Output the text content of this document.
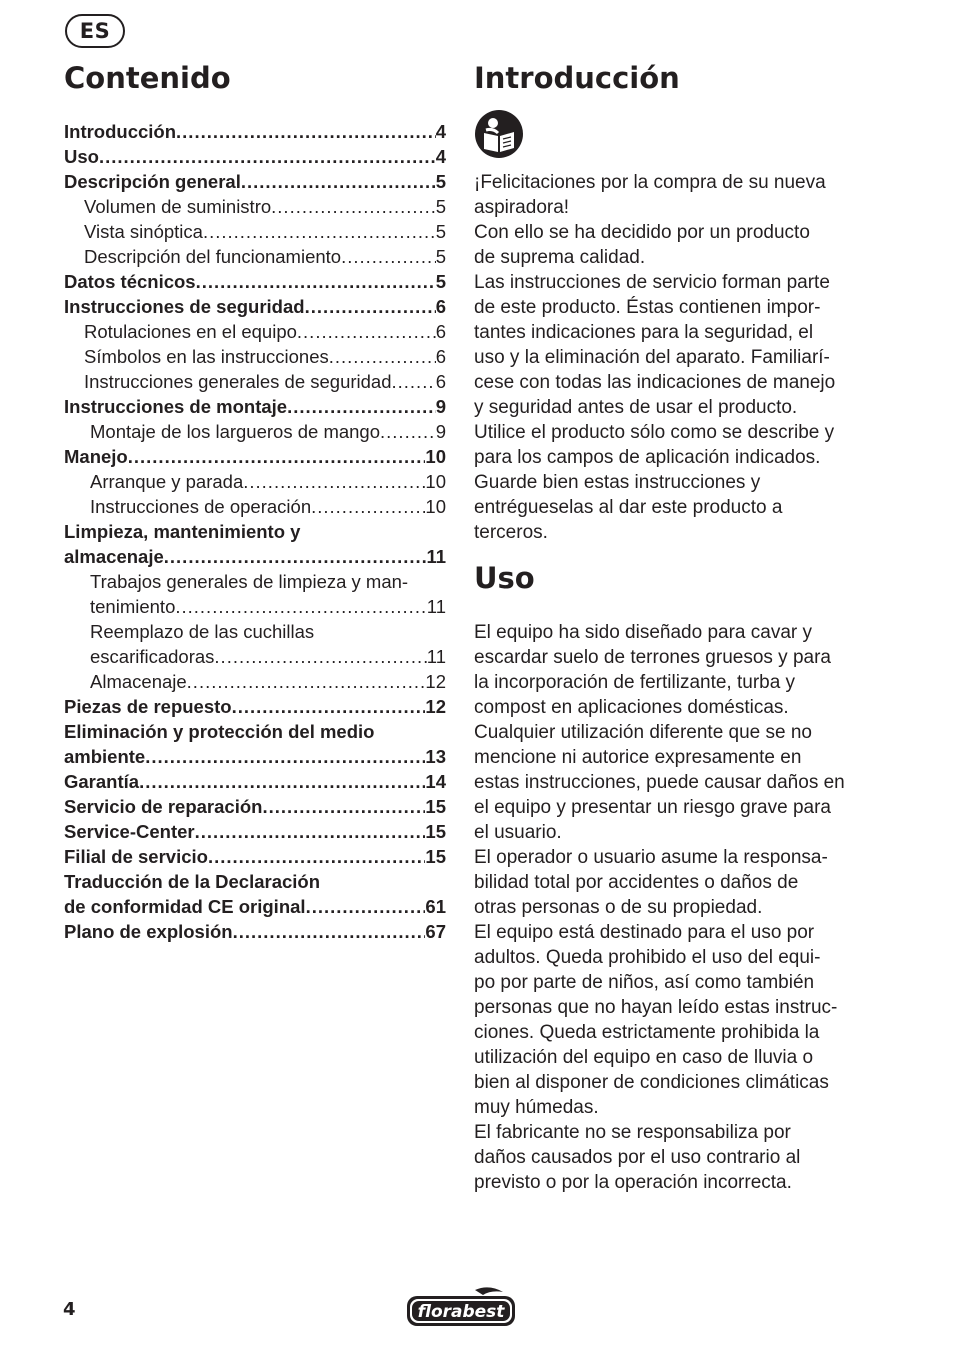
ES
Contenido
Introducción .....	4
Uso .....	4
Descripción general .....	5
Volumen de suministro .....	5
Vista sinóptica .....	5
Descripción del funcionamiento .....	5
Datos técnicos .....	5
Instrucciones de seguridad .....	6
Rotulaciones en el equipo .....	6
Símbolos en las instrucciones .....	6
Instrucciones generales de seguridad ..... 6
Instrucciones de montaje .....	9
Montaje de los largueros de mango .....	9
Manejo .....	10
Arranque y parada .....	10
Instrucciones de operación .....	10
Limpieza, mantenimiento y
almacenaje .....	11
Trabajos generales de limpieza y man-
tenimiento .....	11
Reemplazo de las cuchillas
escarificadoras .....	11
Almacenaje .....	12
Piezas de repuesto .....	12
Eliminación y protección del medio
ambiente .....	13
Garantía .....	14
Servicio de reparación .....	15
Service-Center .....	15
Filial de servicio .....	15
Traducción de la Declaración
de conformidad CE original .....	61
Plano de explosión .....	67
Introducción
¡Felicitaciones por la compra de su nueva
aspiradora!
Con ello se ha decidido por un producto
de suprema calidad.
Las instrucciones de servicio forman parte
de este producto. Éstas contienen impor-
tantes indicaciones para la seguridad, el
uso y la eliminación del aparato. Familiarí-
cese con todas las indicaciones de manejo
y seguridad antes de usar el producto.
Utilice el producto sólo como se describe y
para los campos de aplicación indicados.
Guarde bien estas instrucciones y
entrégueselas al dar este producto a
terceros.
Uso
El equipo ha sido diseñado para cavar y
escardar suelo de terrones gruesos y para
la incorporación de fertilizante, turba y
compost en aplicaciones domésticas.
Cualquier utilización diferente que se no
mencione ni autorice expresamente en
estas instrucciones, puede causar daños en
el equipo y presentar un riesgo grave para
el usuario.
El operador o usuario asume la responsa-
bilidad total por accidentes o daños de
otras personas o de su propiedad.
El equipo está destinado para el uso por
adultos. Queda prohibido el uso del equi-
po por parte de niños, así como también
personas que no hayan leído estas instruc-
ciones. Queda estrictamente prohibida la
utilización del equipo en caso de lluvia o
bien al disponer de condiciones climáticas
muy húmedas.
El fabricante no se responsabiliza por
daños causados por el uso contrario al
previsto o por la operación incorrecta.
4	florabest
